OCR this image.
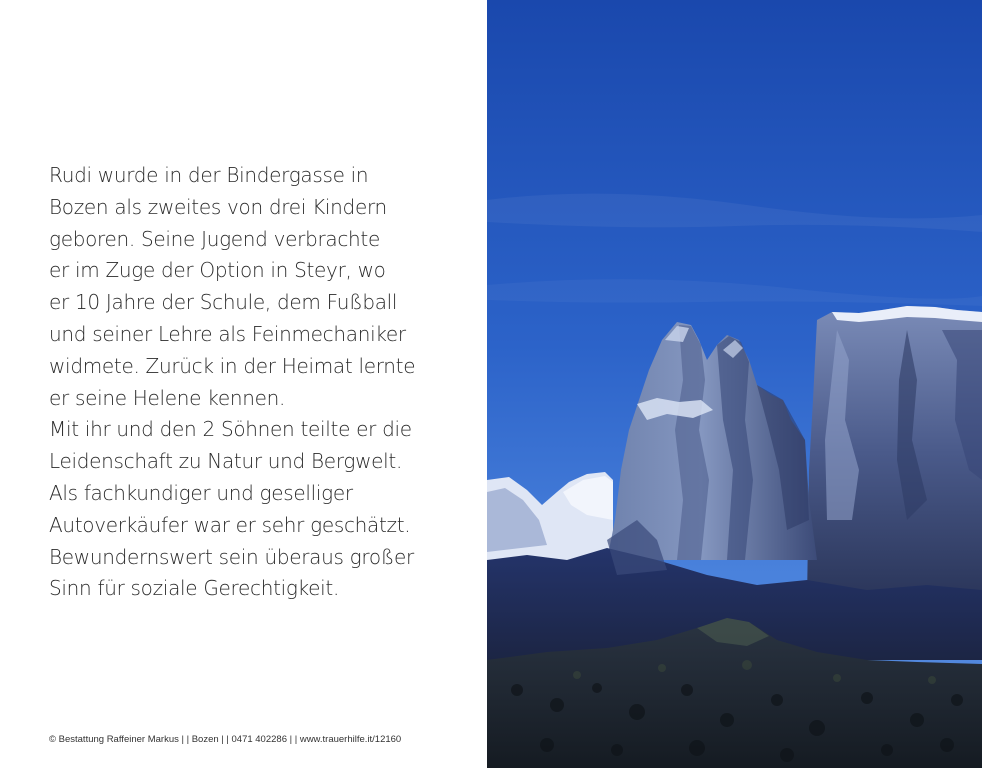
Rudi wurde in der Bindergasse in
Bozen als zweites von drei Kindern
geboren. Seine Jugend verbrachte
er im Zuge der Option in Steyr, wo
er 10 Jahre der Schule, dem Fußball
und seiner Lehre als Feinmechaniker
widmete. Zurück in der Heimat lernte
er seine Helene kennen.
Mit ihr und den 2 Söhnen teilte er die
Leidenschaft zu Natur und Bergwelt.
Als fachkundiger und geselliger
Autoverkäufer war er sehr geschätzt.
Bewundernswert sein überaus großer
Sinn für soziale Gerechtigkeit.

© Bestattung Raffeiner Markus | | Bozen | | 0471 402286 | | www.trauerhilfe.it/12160
